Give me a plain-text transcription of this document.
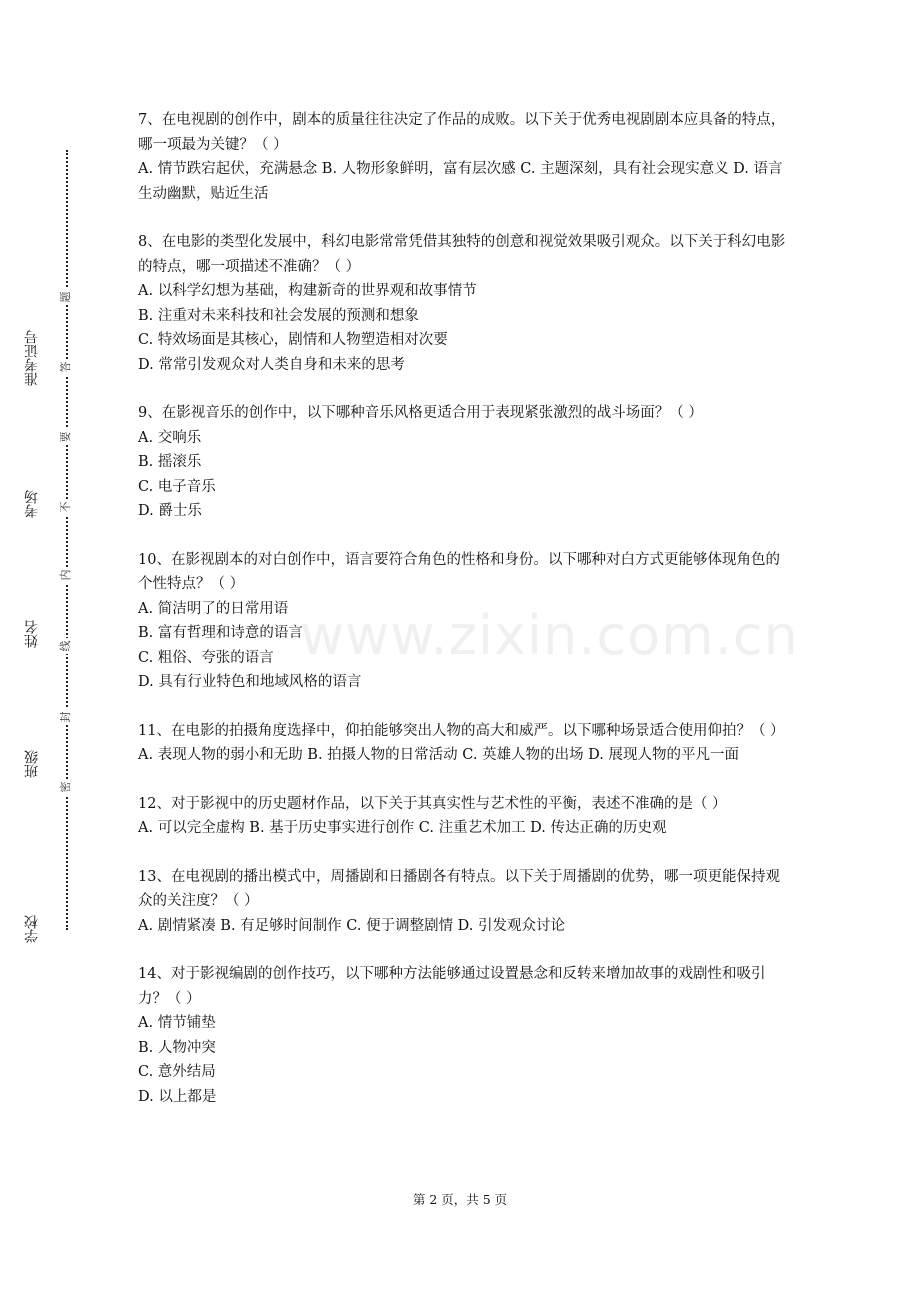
准考证号
考场
姓名
班级
学校
题
答
要
不
内
线
封
密
www.zixin.com.cn

7、在电视剧的创作中，剧本的质量往往决定了作品的成败。以下关于优秀电视剧剧本应具备的特点，哪一项最为关键？（ ）

A. 情节跌宕起伏，充满悬念 B. 人物形象鲜明，富有层次感 C. 主题深刻，具有社会现实意义 D. 语言生动幽默，贴近生活

8、在电影的类型化发展中，科幻电影常常凭借其独特的创意和视觉效果吸引观众。以下关于科幻电影的特点，哪一项描述不准确？（ ）

A. 以科学幻想为基础，构建新奇的世界观和故事情节

B. 注重对未来科技和社会发展的预测和想象

C. 特效场面是其核心，剧情和人物塑造相对次要

D. 常常引发观众对人类自身和未来的思考

9、在影视音乐的创作中，以下哪种音乐风格更适合用于表现紧张激烈的战斗场面？（ ）

A. 交响乐

B. 摇滚乐

C. 电子音乐

D. 爵士乐

10、在影视剧本的对白创作中，语言要符合角色的性格和身份。以下哪种对白方式更能够体现角色的个性特点？（ ）

A. 简洁明了的日常用语

B. 富有哲理和诗意的语言

C. 粗俗、夸张的语言

D. 具有行业特色和地域风格的语言

11、在电影的拍摄角度选择中，仰拍能够突出人物的高大和威严。以下哪种场景适合使用仰拍？（ ）

A. 表现人物的弱小和无助 B. 拍摄人物的日常活动 C. 英雄人物的出场 D. 展现人物的平凡一面

12、对于影视中的历史题材作品，以下关于其真实性与艺术性的平衡，表述不准确的是（ ）

A. 可以完全虚构 B. 基于历史事实进行创作 C. 注重艺术加工 D. 传达正确的历史观

13、在电视剧的播出模式中，周播剧和日播剧各有特点。以下关于周播剧的优势，哪一项更能保持观众的关注度？（ ）

A. 剧情紧凑 B. 有足够时间制作 C. 便于调整剧情 D. 引发观众讨论

14、对于影视编剧的创作技巧，以下哪种方法能够通过设置悬念和反转来增加故事的戏剧性和吸引力？（ ）

A. 情节铺垫

B. 人物冲突

C. 意外结局

D. 以上都是

第 2 页，共 5 页
